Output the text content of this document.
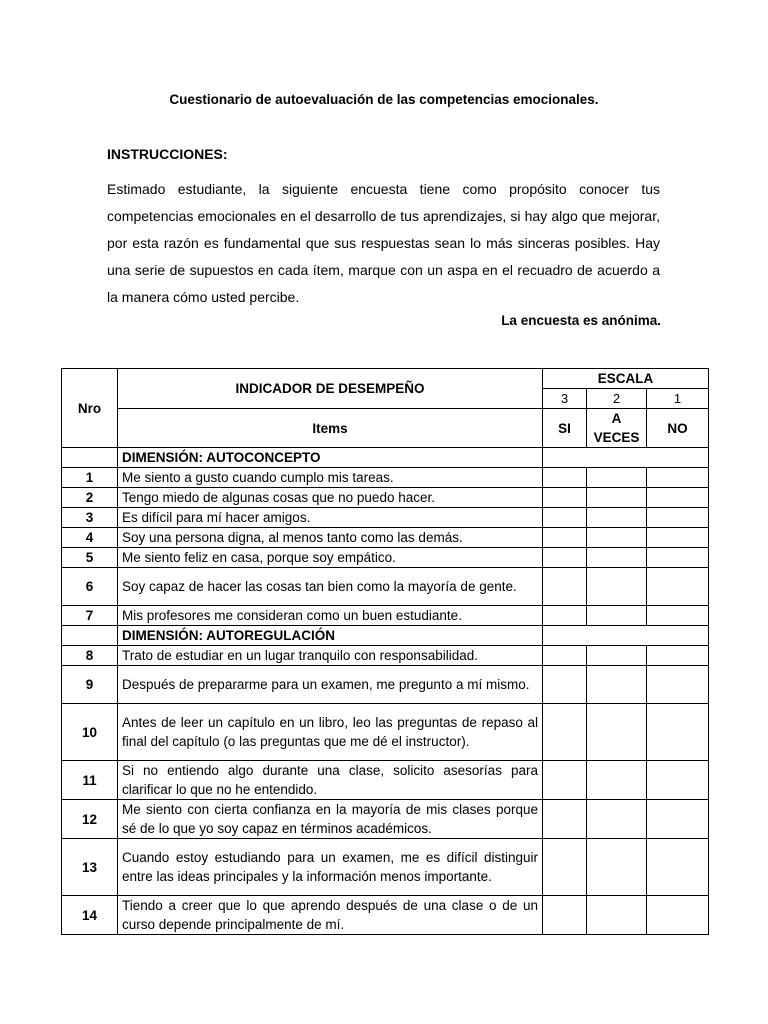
Cuestionario de autoevaluación de las competencias emocionales.
INSTRUCCIONES:
Estimado estudiante, la siguiente encuesta tiene como propósito conocer tus competencias emocionales en el desarrollo de tus aprendizajes, si hay algo que mejorar, por esta razón es fundamental que sus respuestas sean lo más sinceras posibles. Hay una serie de supuestos en cada ítem, marque con un aspa en el recuadro de acuerdo a la manera cómo usted percibe.
La encuesta es anónima.
Nro	INDICADOR DE DESEMPEÑO	ESCALA		
		3	2	1
	Items	SI	A VECES	NO
	DIMENSIÓN: AUTOCONCEPTO			
1	Me siento a gusto cuando cumplo mis tareas.			
2	Tengo miedo de algunas cosas que no puedo hacer.			
3	Es difícil para mí hacer amigos.			
4	Soy una persona digna, al menos tanto como las demás.			
5	Me siento feliz en casa, porque soy empático.			
6	Soy capaz de hacer las cosas tan bien como la mayoría de gente.			
7	Mis profesores me consideran como un buen estudiante.			
	DIMENSIÓN: AUTOREGULACIÓN			
8	Trato de estudiar en un lugar tranquilo con responsabilidad.			
9	Después de prepararme para un examen, me pregunto a mí mismo.			
10	Antes de leer un capítulo en un libro, leo las preguntas de repaso al final del capítulo (o las preguntas que me dé el instructor).			
11	Si no entiendo algo durante una clase, solicito asesorías para clarificar lo que no he entendido.			
12	Me siento con cierta confianza en la mayoría de mis clases porque sé de lo que yo soy capaz en términos académicos.			
13	Cuando estoy estudiando para un examen, me es difícil distinguir entre las ideas principales y la información menos importante.			
14	Tiendo a creer que lo que aprendo después de una clase o de un curso depende principalmente de mí.			
